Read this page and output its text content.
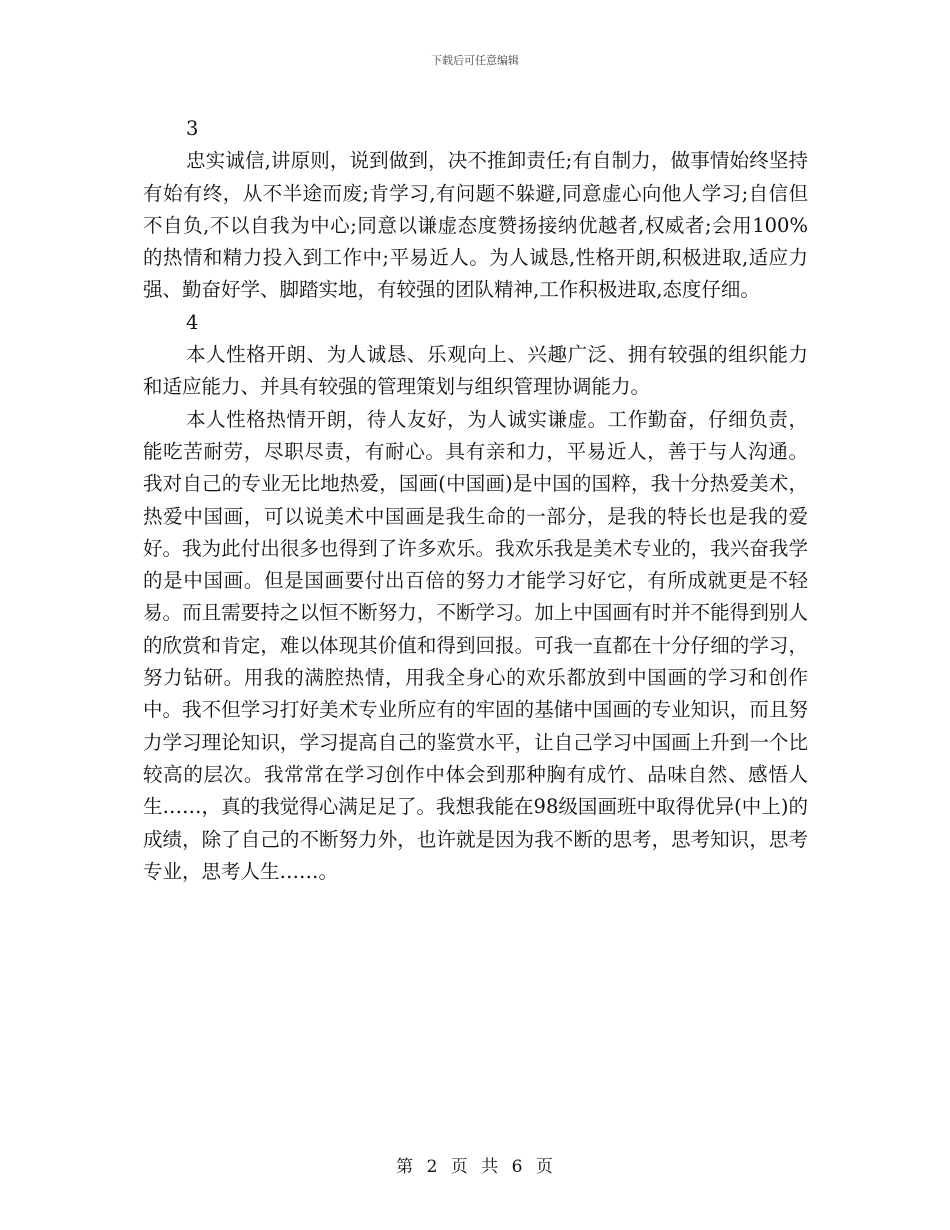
下载后可任意编辑

3

忠实诚信,讲原则，说到做到，决不推卸责任;有自制力，做事情始终坚持有始有终，从不半途而废;肯学习,有问题不躲避,同意虚心向他人学习;自信但不自负,不以自我为中心;同意以谦虚态度赞扬接纳优越者,权威者;会用100%的热情和精力投入到工作中;平易近人。为人诚恳,性格开朗,积极进取,适应力强、勤奋好学、脚踏实地，有较强的团队精神,工作积极进取,态度仔细。

4

本人性格开朗、为人诚恳、乐观向上、兴趣广泛、拥有较强的组织能力和适应能力、并具有较强的管理策划与组织管理协调能力。

本人性格热情开朗，待人友好，为人诚实谦虚。工作勤奋，仔细负责，能吃苦耐劳，尽职尽责，有耐心。具有亲和力，平易近人，善于与人沟通。 我对自己的专业无比地热爱，国画(中国画)是中国的国粹，我十分热爱美术，热爱中国画，可以说美术中国画是我生命的一部分，是我的特长也是我的爱好。我为此付出很多也得到了许多欢乐。我欢乐我是美术专业的，我兴奋我学的是中国画。但是国画要付出百倍的努力才能学习好它，有所成就更是不轻易。而且需要持之以恒不断努力，不断学习。加上中国画有时并不能得到别人的欣赏和肯定，难以体现其价值和得到回报。可我一直都在十分仔细的学习，努力钻研。用我的满腔热情，用我全身心的欢乐都放到中国画的学习和创作中。我不但学习打好美术专业所应有的牢固的基储中国画的专业知识，而且努力学习理论知识，学习提高自己的鉴赏水平，让自己学习中国画上升到一个比较高的层次。我常常在学习创作中体会到那种胸有成竹、品味自然、感悟人生……，真的我觉得心满足足了。我想我能在98级国画班中取得优异(中上)的成绩，除了自己的不断努力外，也许就是因为我不断的思考，思考知识，思考专业，思考人生……。

第 2 页 共 6 页
